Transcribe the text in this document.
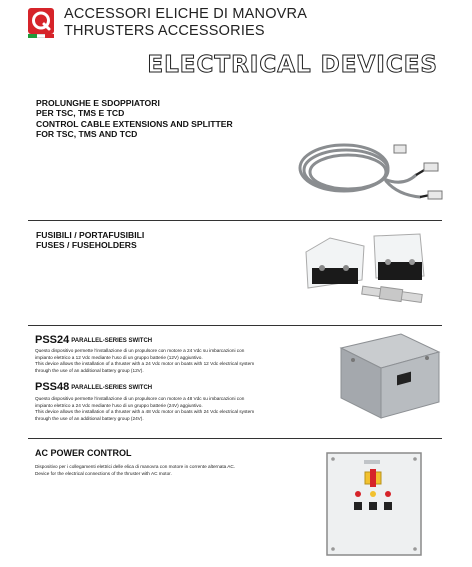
ACCESSORI ELICHE DI MANOVRA
THRUSTERS ACCESSORIES
ELECTRICAL DEVICES
PROLUNGHE E SDOPPIATORI
PER TSC, TMS E TCD
CONTROL CABLE EXTENSIONS AND SPLITTER
FOR TSC, TMS AND TCD
FUSIBILI / PORTAFUSIBILI
FUSES / FUSEHOLDERS
PSS24 PARALLEL-SERIES SWITCH

Questo dispositivo permette l'installazione di un propulsore con motore a 24 Vdc su imbarcazioni con

impianto elettrico a 12 Vdc mediante l'uso di un gruppo batterie (12V) aggiuntivo.

This device allows the installation of a thruster with a 24 Vdc motor on boats with 12 Vdc electrical system

through the use of an additional battery group (12V).

PSS48 PARALLEL-SERIES SWITCH

Questo dispositivo permette l'installazione di un propulsore con motore a 48 Vdc su imbarcazioni con

impianto elettrico a 24 Vdc mediante l'uso di un gruppo batterie (24V) aggiuntivo.

This device allows the installation of a thruster with a 48 Vdc motor on boats with 24 Vdc electrical system

through the use of an additional battery group (24V).

AC POWER CONTROL

Dispositivo per i collegamenti elettrici delle elica di manovra con motore in corrente alternata AC.

Device for the electrical connections of the thruster with AC motor.
